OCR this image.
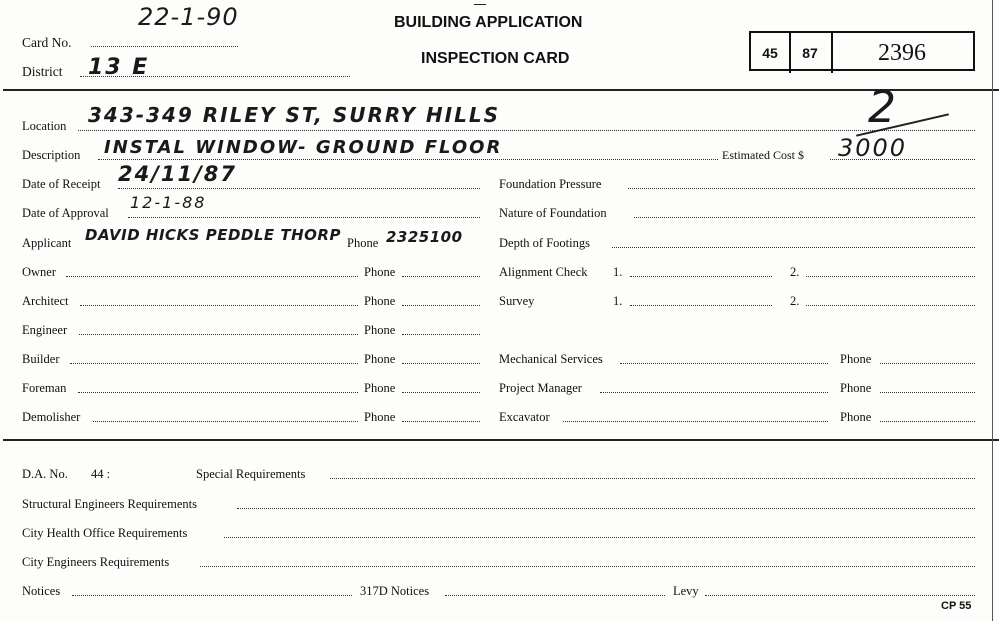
Card No.
22-1-90
District 13 E
BUILDING APPLICATION
INSPECTION CARD	45	87	2396
Location 343-349 RILEY ST, SURRY HILLS	2
Description INSTAL WINDOW- GROUND FLOOR	Estimated Cost $ 3000
Date of Receipt 24/11/87
Date of Approval
12-1-88
Applicant DAVID HICKS PEDDLE THORP Phone 2325100
Owner	Phone
Architect	Phone
Engineer	Phone
Builder	Phone
Foreman	Phone
Demolisher	Phone
Foundation Pressure
Nature of Foundation
Depth of Footings
Alignment Check 1.	2.
Survey	1.	2.
Mechanical Services	Phone
Project Manager	Phone
Excavator	Phone
D.A. No. 44 :	Special Requirements
Structural Engineers Requirements
City Health Office Requirements
City Engineers Requirements
Notices	317D Notices	Levy
CP 55
